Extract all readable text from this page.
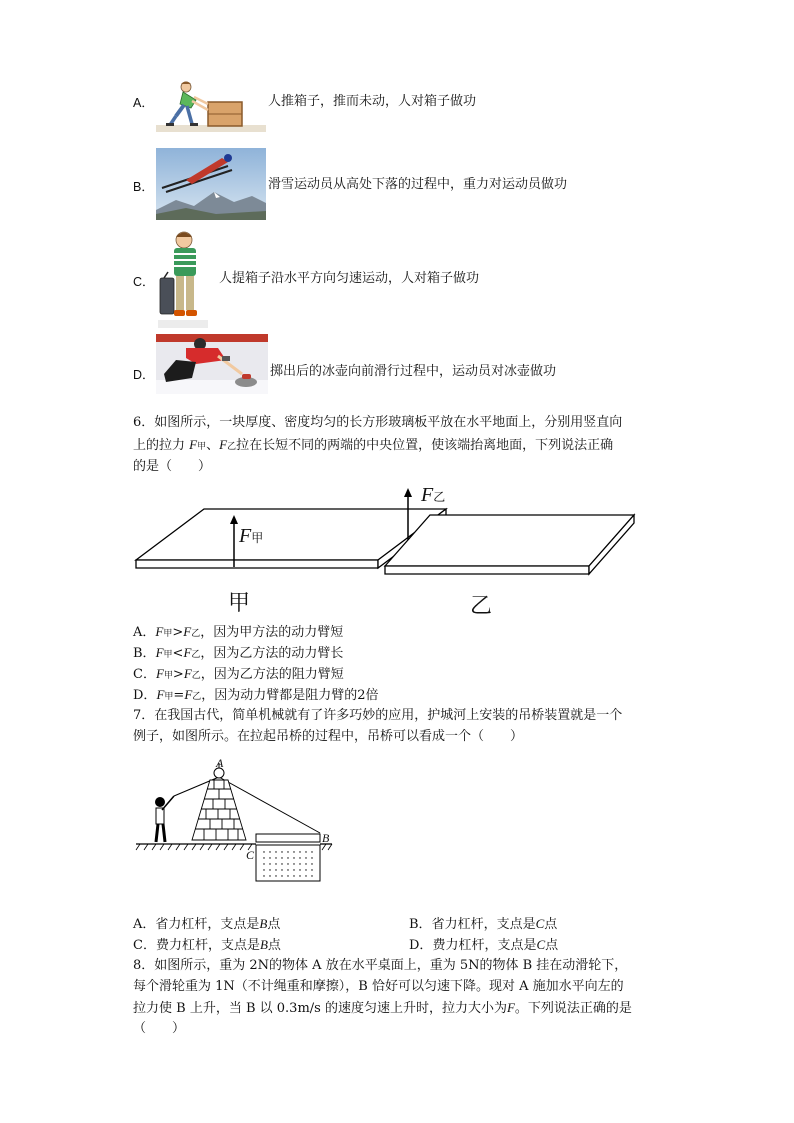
A．	人推箱子，推而未动，人对箱子做功
B．	滑雪运动员从高处下落的过程中，重力对运动员做功
C．	人提箱子沿水平方向匀速运动，人对箱子做功
D．	掷出后的冰壶向前滑行过程中，运动员对冰壶做功
6．如图所示，一块厚度、密度均匀的长方形玻璃板平放在水平地面上，分别用竖直向
上的拉力 F甲、F乙拉在长短不同的两端的中央位置，使该端抬离地面，下列说法正确
的是（　　）
F甲
F乙
甲	乙
A．F甲>F乙，因为甲方法的动力臂短
B．F甲<F乙，因为乙方法的动力臂长
C．F甲>F乙，因为乙方法的阻力臂短
D．F甲=F乙，因为动力臂都是阻力臂的2倍
7．在我国古代，简单机械就有了许多巧妙的应用，护城河上安装的吊桥装置就是一个
例子，如图所示。在拉起吊桥的过程中，吊桥可以看成一个（　　）
A
B
C
A．省力杠杆，支点是B点	B．省力杠杆，支点是C点
C．费力杠杆，支点是B点	D．费力杠杆，支点是C点
8．如图所示，重为 2N的物体 A 放在水平桌面上，重为 5N的物体 B 挂在动滑轮下，
每个滑轮重为 1N（不计绳重和摩擦），B 恰好可以匀速下降。现对 A 施加水平向左的
拉力使 B 上升，当 B 以 0.3m/s 的速度匀速上升时，拉力大小为F。下列说法正确的是
（　　）
